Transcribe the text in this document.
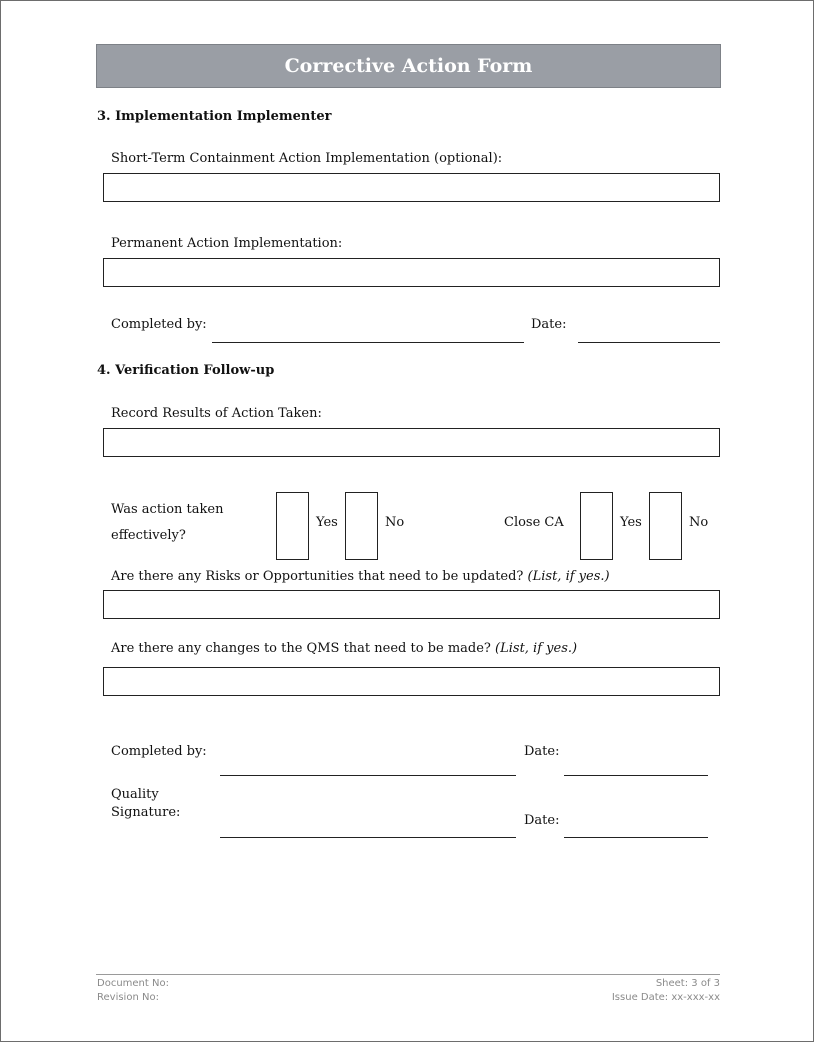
Corrective Action Form
3. Implementation Implementer
Short-Term Containment Action Implementation (optional):
Permanent Action Implementation:
Completed by:	Date:
4. Verification Follow-up
Record Results of Action Taken:
Was action taken
effectively?
Yes	No	Close CA	Yes	No
Are there any Risks or Opportunities that need to be updated? (List, if yes.)
Are there any changes to the QMS that need to be made? (List, if yes.)
Completed by:	Date:
Quality
Signature:
Date:
Document No:
Revision No:
Sheet: 3 of 3
Issue Date: xx-xxx-xx
